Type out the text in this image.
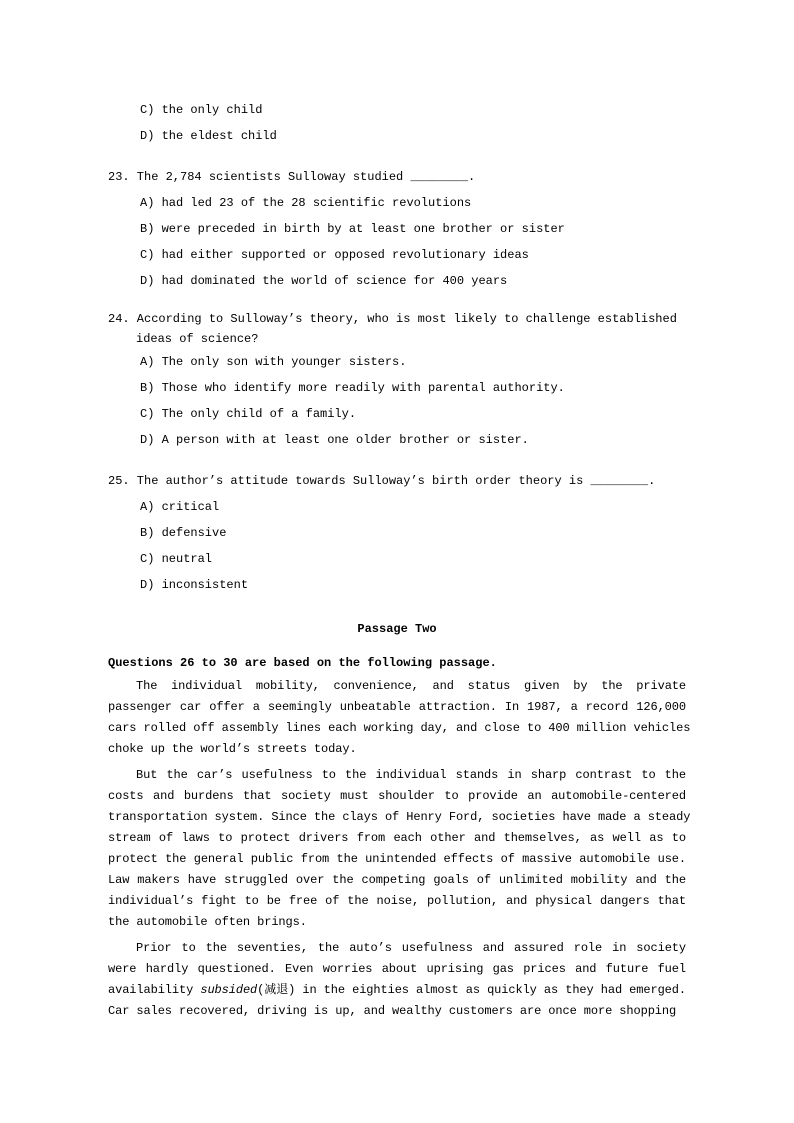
C) the only child
D) the eldest child
23. The 2,784 scientists Sulloway studied ________.
A) had led 23 of the 28 scientific revolutions
B) were preceded in birth by at least one brother or sister
C) had either supported or opposed revolutionary ideas
D) had dominated the world of science for 400 years
24. According to Sulloway’s theory, who is most likely to challenge established
ideas of science?
A) The only son with younger sisters.
B) Those who identify more readily with parental authority.
C) The only child of a family.
D) A person with at least one older brother or sister.
25. The author’s attitude towards Sulloway’s birth order theory is ________.
A) critical
B) defensive
C) neutral
D) inconsistent
Passage Two
Questions 26 to 30 are based on the following passage.
The individual mobility, convenience, and status given by the private
passenger car offer a seemingly unbeatable attraction. In 1987, a record 126,000
cars rolled off assembly lines each working day, and close to 400 million vehicles
choke up the world’s streets today.
But the car’s usefulness to the individual stands in sharp contrast to the
costs and burdens that society must shoulder to provide an automobile-centered
transportation system. Since the clays of Henry Ford, societies have made a steady
stream of laws to protect drivers from each other and themselves, as well as to
protect the general public from the unintended effects of massive automobile use.
Law makers have struggled over the competing goals of unlimited mobility and the
individual’s fight to be free of the noise, pollution, and physical dangers that
the automobile often brings.
Prior to the seventies, the auto’s usefulness and assured role in society
were hardly questioned. Even worries about uprising gas prices and future fuel
availability subsided(减退) in the eighties almost as quickly as they had emerged.
Car sales recovered, driving is up, and wealthy customers are once more shopping
